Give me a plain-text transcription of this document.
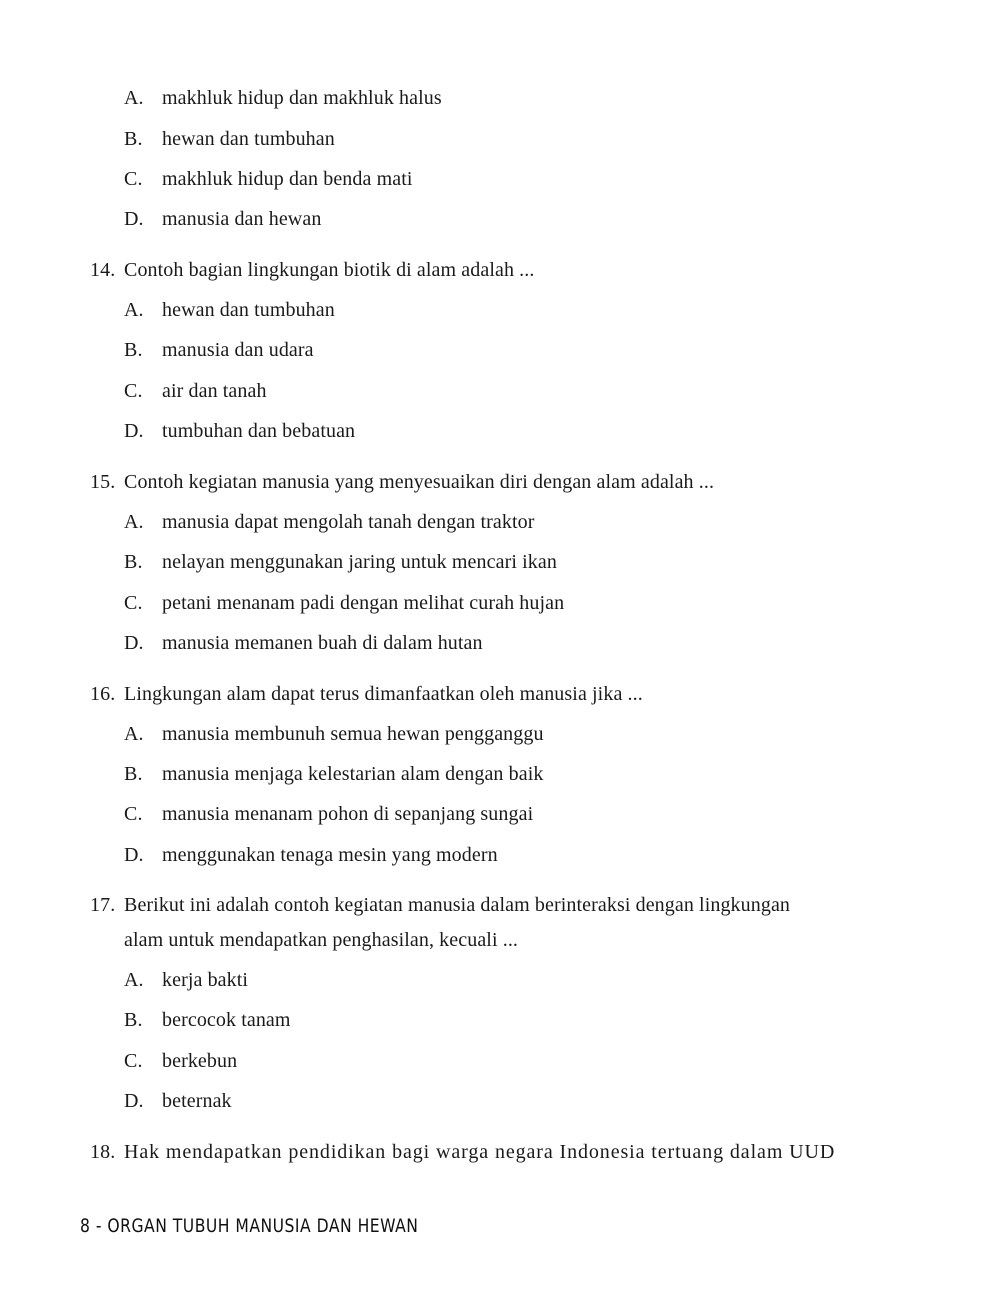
A. makhluk hidup dan makhluk halus
B. hewan dan tumbuhan
C. makhluk hidup dan benda mati
D. manusia dan hewan
14. Contoh bagian lingkungan biotik di alam adalah ...
A. hewan dan tumbuhan
B. manusia dan udara
C. air dan tanah
D. tumbuhan dan bebatuan
15. Contoh kegiatan manusia yang menyesuaikan diri dengan alam adalah ...
A. manusia dapat mengolah tanah dengan traktor
B. nelayan menggunakan jaring untuk mencari ikan
C. petani menanam padi dengan melihat curah hujan
D. manusia memanen buah di dalam hutan
16. Lingkungan alam dapat terus dimanfaatkan oleh manusia jika ...
A. manusia membunuh semua hewan pengganggu
B. manusia menjaga kelestarian alam dengan baik
C. manusia menanam pohon di sepanjang sungai
D. menggunakan tenaga mesin yang modern
17. Berikut ini adalah contoh kegiatan manusia dalam berinteraksi dengan lingkungan
alam untuk mendapatkan penghasilan, kecuali ...
A. kerja bakti
B. bercocok tanam
C. berkebun
D. beternak
18. Hak mendapatkan pendidikan bagi warga negara Indonesia tertuang dalam UUD
8 - ORGAN TUBUH MANUSIA DAN HEWAN
